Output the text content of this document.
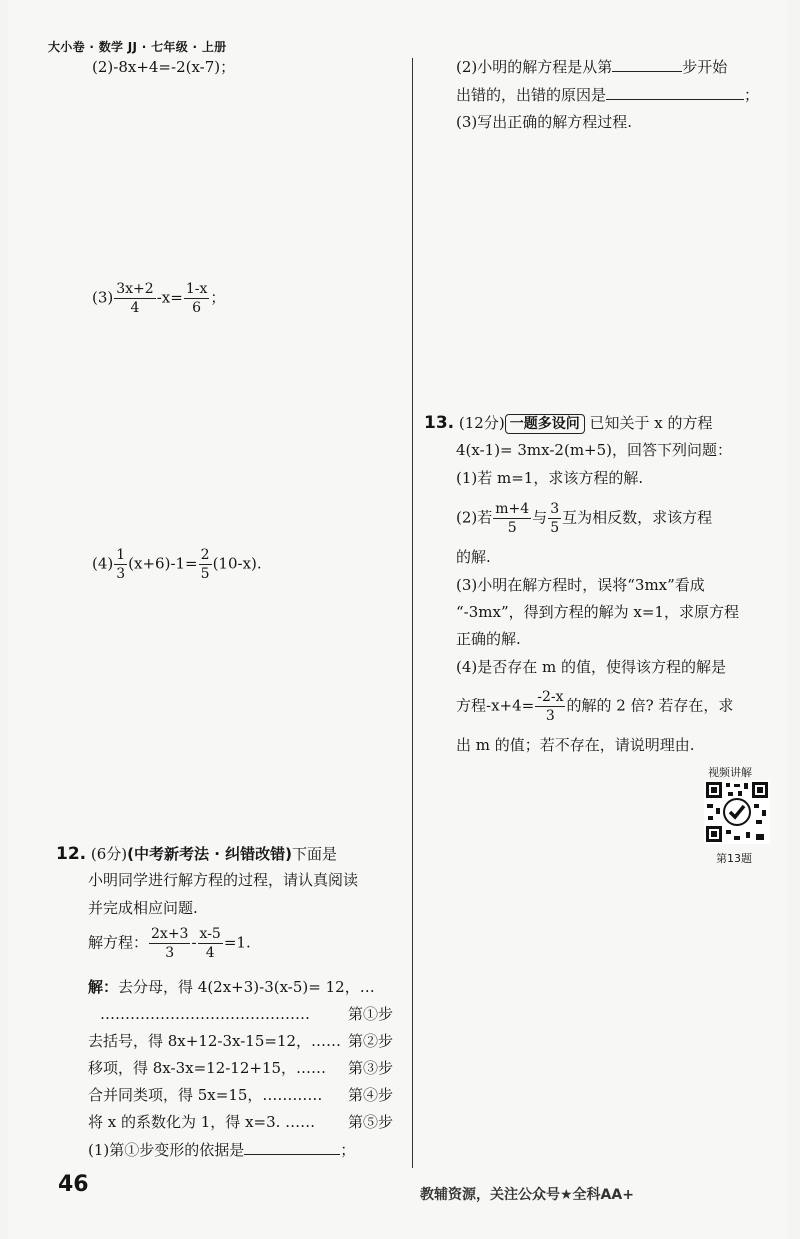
大小卷 · 数学 JJ · 七年级 · 上册
(2)-8x+4=-2(x-7)；
$(3) \frac{3x+2}{4} -x= \frac{1-x}{6}$ ；
$(4) \frac{1}{3} (x+6)-1= \frac{2}{5} (10-x)$.
12. (6分)(中考新考法 · 纠错改错)下面是
小明同学进行解方程的过程，请认真阅读
并完成相应问题.
解方程： $\frac{2x+3}{3} - \frac{x-5}{4} =1$.
解：去分母，得 4(2x+3)-3(x-5)= 12，…
……………………………………	第①步
去括号，得 8x+12-3x-15=12，…… 第②步
移项，得 8x-3x=12-12+15，…… 第③步
合并同类项，得 5x=15，………… 第④步
将 x 的系数化为 1，得 x=3. …… 第⑤步
(1)第①步变形的依据是	；
(2)小明的解方程是从第	步开始
出错的，出错的原因是	；
(3)写出正确的解方程过程.
13. (12分) 一题多设问 已知关于 x 的方程
4(x-1)= 3mx-2(m+5)，回答下列问题：
(1)若 m=1，求该方程的解.
(2)若 $\frac{m+4}{5}$ 与 $\frac{3}{5}$ 互为相反数，求该方程
的解.
(3)小明在解方程时，误将“3mx”看成
“-3mx”，得到方程的解为 x=1，求原方程
正确的解.
(4)是否存在 m 的值，使得该方程的解是
方程$-x+4= \frac{-2-x}{3}$ 的解的 2 倍? 若存在，求
出 m 的值；若不存在，请说明理由.
视频讲解
第13题
46	教辅资源，关注公众号★全科AA+
